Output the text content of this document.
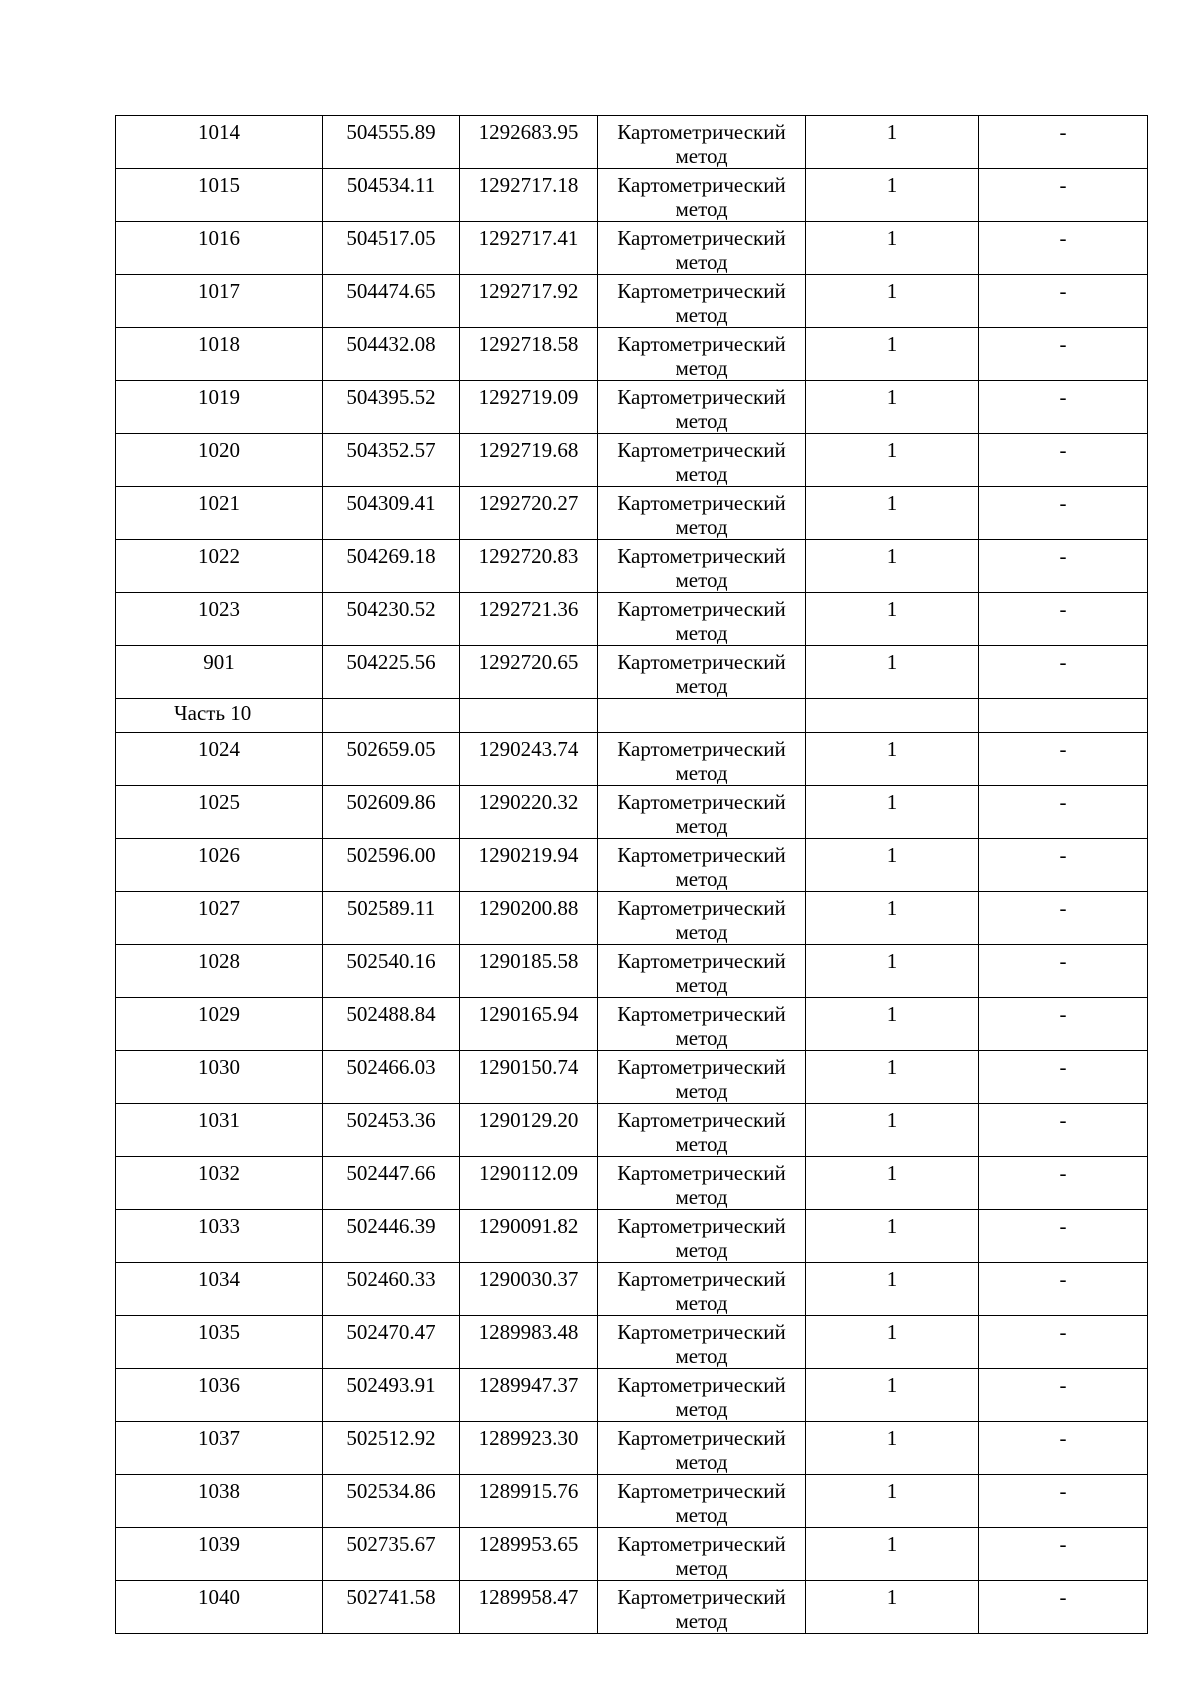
1014	504555.89	1292683.95	Картометрический метод	1	-

1015	504534.11	1292717.18	Картометрический метод	1	-

1016	504517.05	1292717.41	Картометрический метод	1	-

1017	504474.65	1292717.92	Картометрический метод	1	-

1018	504432.08	1292718.58	Картометрический метод	1	-

1019	504395.52	1292719.09	Картометрический метод	1	-

1020	504352.57	1292719.68	Картометрический метод	1	-

1021	504309.41	1292720.27	Картометрический метод	1	-

1022	504269.18	1292720.83	Картометрический метод	1	-

1023	504230.52	1292721.36	Картометрический метод	1	-

901	504225.56	1292720.65	Картометрический метод	1	-

Часть 10					

1024	502659.05	1290243.74	Картометрический метод	1	-

1025	502609.86	1290220.32	Картометрический метод	1	-

1026	502596.00	1290219.94	Картометрический метод	1	-

1027	502589.11	1290200.88	Картометрический метод	1	-

1028	502540.16	1290185.58	Картометрический метод	1	-

1029	502488.84	1290165.94	Картометрический метод	1	-

1030	502466.03	1290150.74	Картометрический метод	1	-

1031	502453.36	1290129.20	Картометрический метод	1	-

1032	502447.66	1290112.09	Картометрический метод	1	-

1033	502446.39	1290091.82	Картометрический метод	1	-

1034	502460.33	1290030.37	Картометрический метод	1	-

1035	502470.47	1289983.48	Картометрический метод	1	-

1036	502493.91	1289947.37	Картометрический метод	1	-

1037	502512.92	1289923.30	Картометрический метод	1	-

1038	502534.86	1289915.76	Картометрический метод	1	-

1039	502735.67	1289953.65	Картометрический метод	1	-

1040	502741.58	1289958.47	Картометрический метод	1	-
